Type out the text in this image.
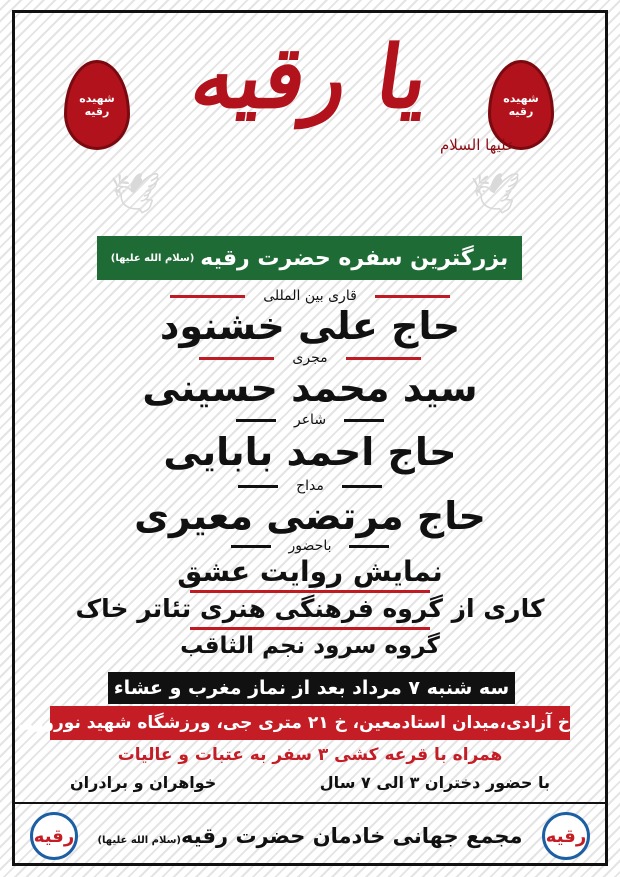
شهیده رقیه
شهیده رقیه
🕊	🕊
یا رقیه
علیها السلام
بزرگترین سفره حضرت رقیه
(سلام الله علیها)
قاری بین المللی
حاج علی خشنود
مجری
سید محمد حسینی
شاعر
حاج احمد بابایی
مداح
حاج مرتضی معیری
باحضور
نمایش روایت عشق
کاری از گروه فرهنگی هنری تئاتر خاک
گروه سرود نجم الثاقب
سه شنبه ۷ مرداد بعد از نماز مغرب و عشاء
خ آزادی،میدان استادمعین، خ ۲۱ متری جی، ورزشگاه شهید نوروزی
همراه با قرعه کشی ۳ سفر به عتبات و عالیات
با حضور دختران ۳ الی ۷ سال
خواهران و برادران
رقیه	رقیه
مجمع جهانی خادمان حضرت رقیه(سلام الله علیها)
